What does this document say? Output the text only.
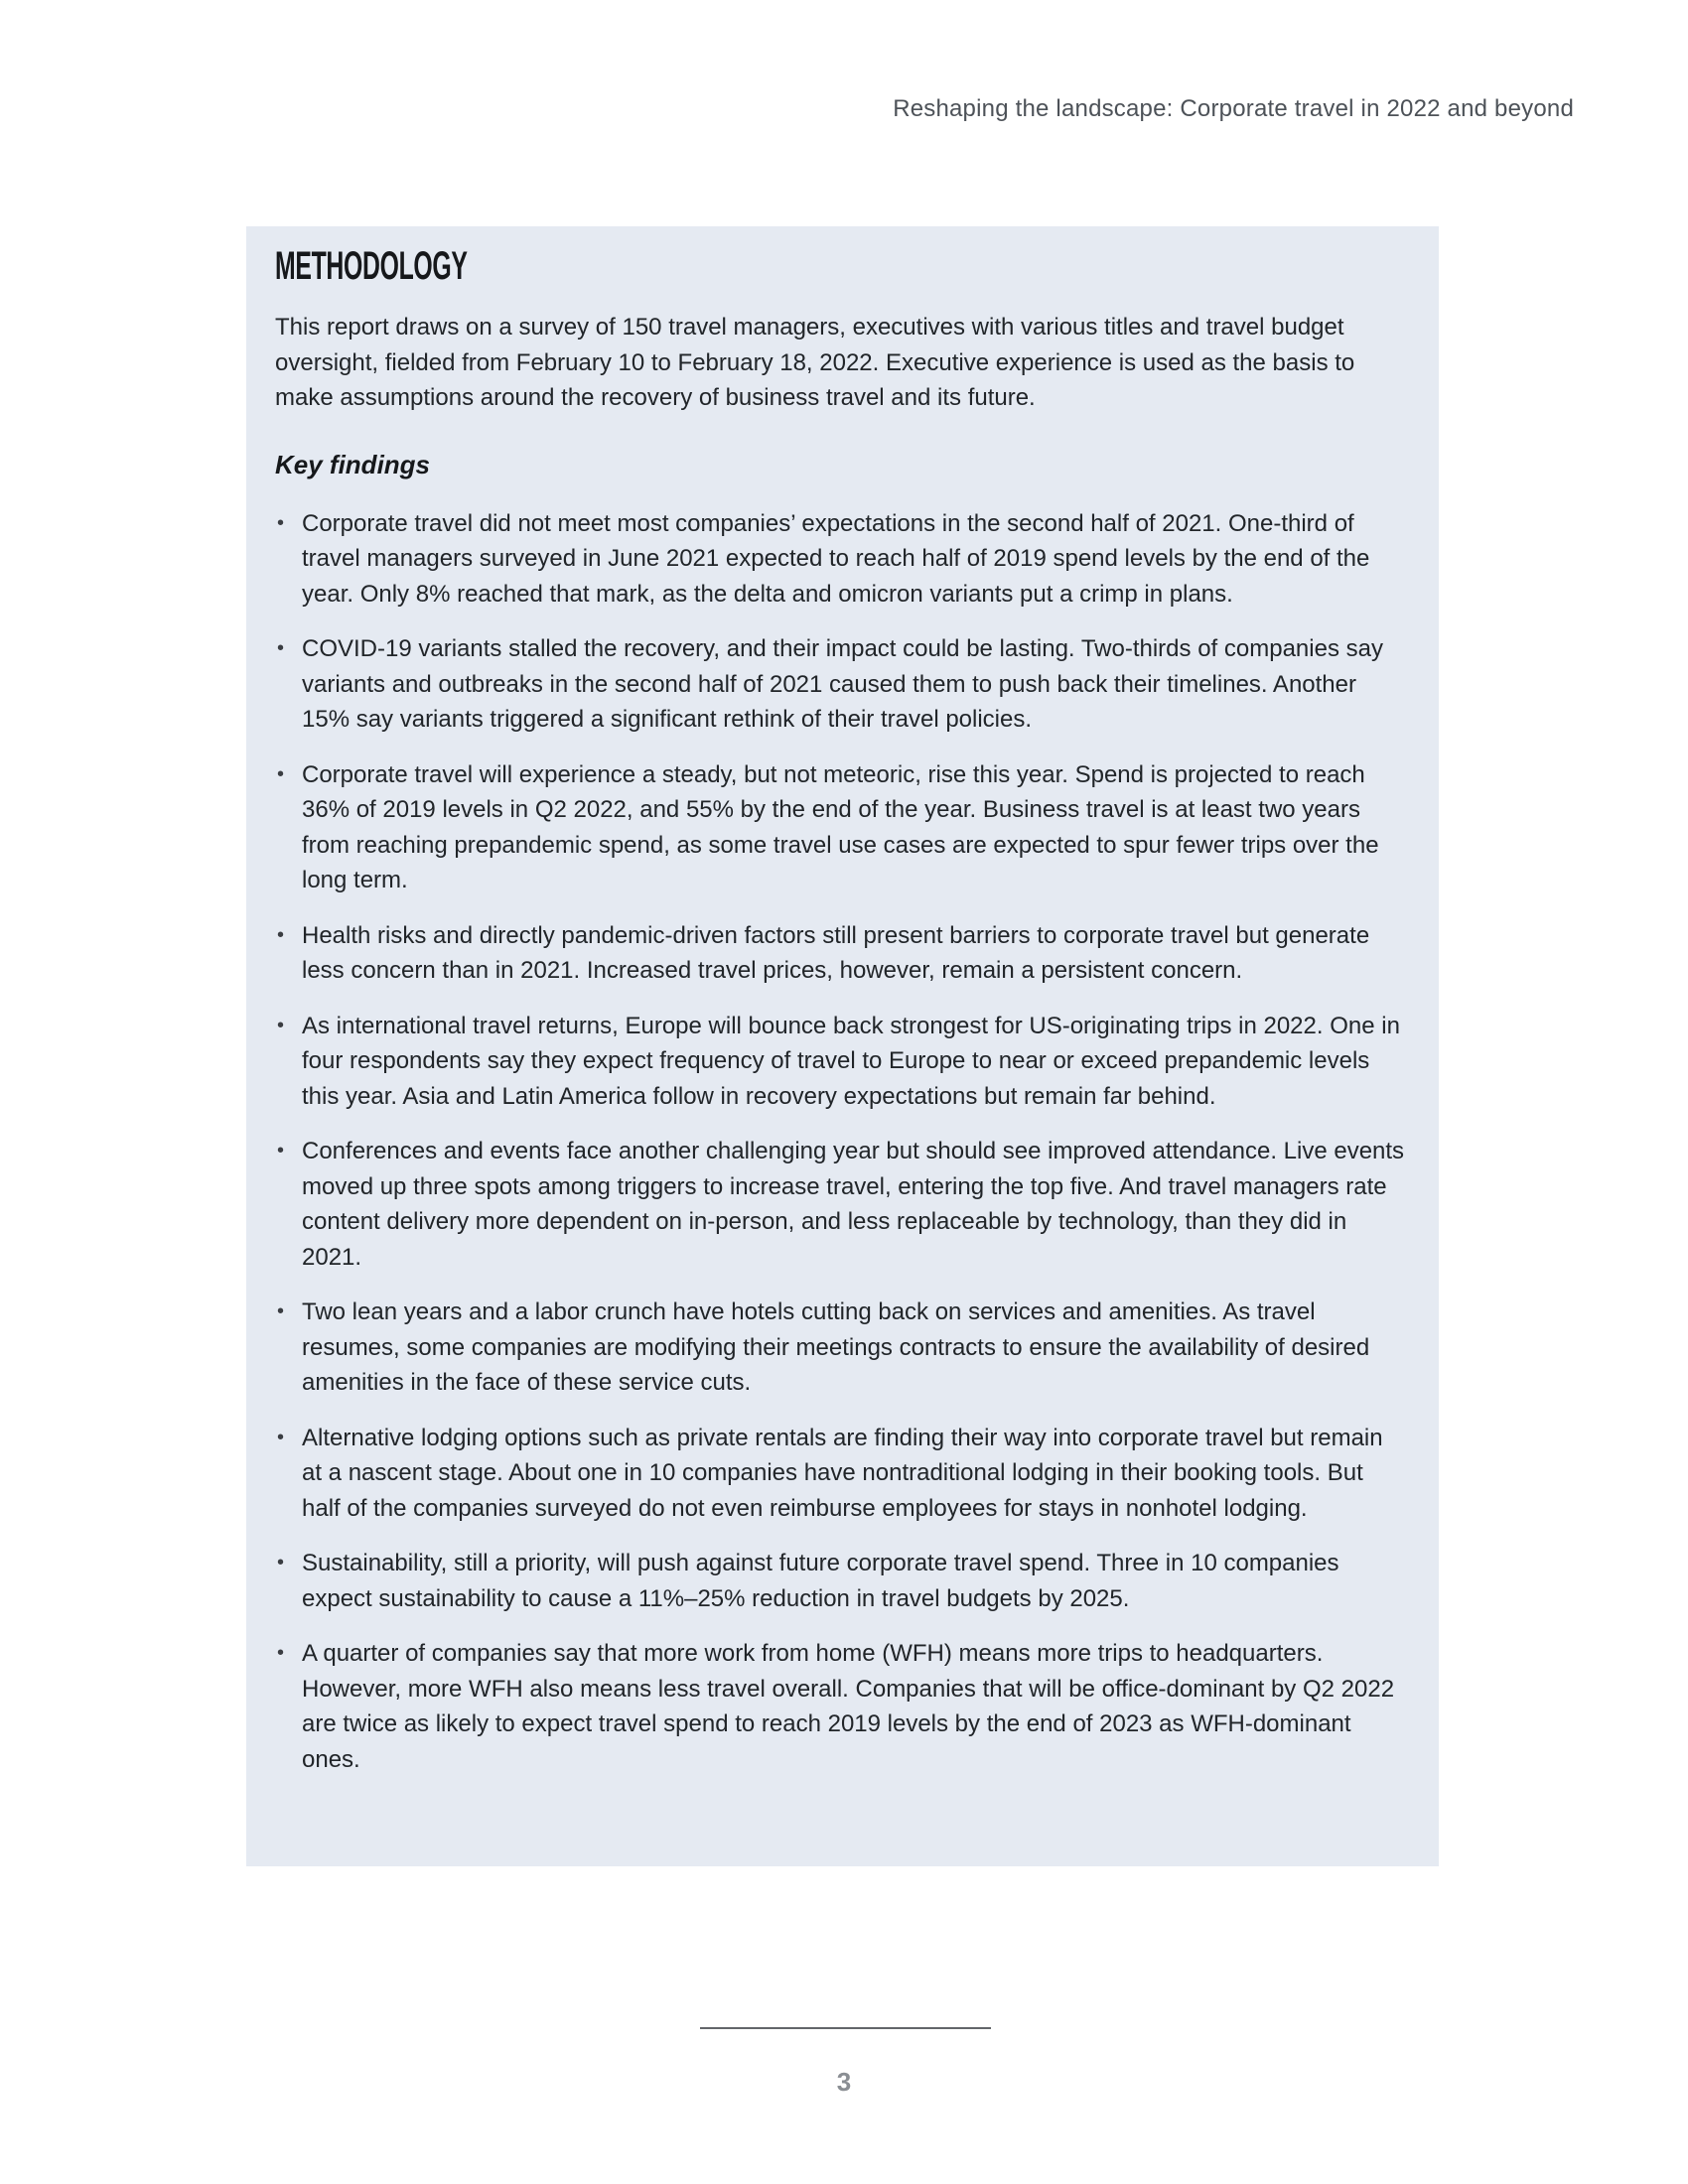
Reshaping the landscape: Corporate travel in 2022 and beyond
METHODOLOGY

This report draws on a survey of 150 travel managers, executives with various titles and travel budget oversight, fielded from February 10 to February 18, 2022. Executive experience is used as the basis to make assumptions around the recovery of business travel and its future.

Key findings
• Corporate travel did not meet most companies’ expectations in the second half of 2021. One-third of travel managers surveyed in June 2021 expected to reach half of 2019 spend levels by the end of the year. Only 8% reached that mark, as the delta and omicron variants put a crimp in plans.
• COVID-19 variants stalled the recovery, and their impact could be lasting. Two-thirds of companies say variants and outbreaks in the second half of 2021 caused them to push back their timelines. Another 15% say variants triggered a significant rethink of their travel policies.
• Corporate travel will experience a steady, but not meteoric, rise this year. Spend is projected to reach 36% of 2019 levels in Q2 2022, and 55% by the end of the year. Business travel is at least two years from reaching prepandemic spend, as some travel use cases are expected to spur fewer trips over the long term.
• Health risks and directly pandemic-driven factors still present barriers to corporate travel but generate less concern than in 2021. Increased travel prices, however, remain a persistent concern.
• As international travel returns, Europe will bounce back strongest for US-originating trips in 2022. One in four respondents say they expect frequency of travel to Europe to near or exceed prepandemic levels this year. Asia and Latin America follow in recovery expectations but remain far behind.
• Conferences and events face another challenging year but should see improved attendance. Live events moved up three spots among triggers to increase travel, entering the top five. And travel managers rate content delivery more dependent on in-person, and less replaceable by technology, than they did in 2021.
• Two lean years and a labor crunch have hotels cutting back on services and amenities. As travel resumes, some companies are modifying their meetings contracts to ensure the availability of desired amenities in the face of these service cuts.
• Alternative lodging options such as private rentals are finding their way into corporate travel but remain at a nascent stage. About one in 10 companies have nontraditional lodging in their booking tools. But half of the companies surveyed do not even reimburse employees for stays in nonhotel lodging.
• Sustainability, still a priority, will push against future corporate travel spend. Three in 10 companies expect sustainability to cause a 11%–25% reduction in travel budgets by 2025.
• A quarter of companies say that more work from home (WFH) means more trips to headquarters. However, more WFH also means less travel overall. Companies that will be office-dominant by Q2 2022 are twice as likely to expect travel spend to reach 2019 levels by the end of 2023 as WFH-dominant ones.
3
